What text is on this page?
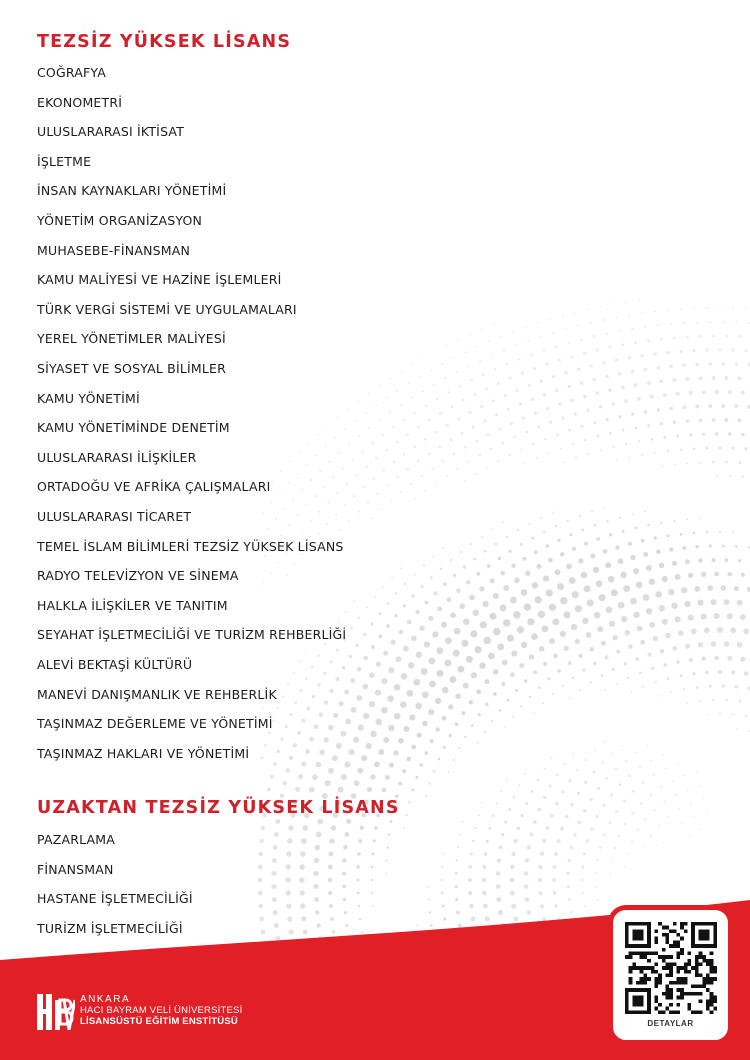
TEZSİZ YÜKSEK LİSANS
COĞRAFYA
EKONOMETRİ
ULUSLARARASI İKTİSAT
İŞLETME
İNSAN KAYNAKLARI YÖNETİMİ
YÖNETİM ORGANİZASYON
MUHASEBE-FİNANSMAN
KAMU MALİYESİ VE HAZİNE İŞLEMLERİ
TÜRK VERGİ SİSTEMİ VE UYGULAMALARI
YEREL YÖNETİMLER MALİYESİ
SİYASET VE SOSYAL BİLİMLER
KAMU YÖNETİMİ
KAMU YÖNETİMİNDE DENETİM
ULUSLARARASI İLİŞKİLER
ORTADOĞU VE AFRİKA ÇALIŞMALARI
ULUSLARARASI TİCARET
TEMEL İSLAM BİLİMLERİ TEZSİZ YÜKSEK LİSANS
RADYO TELEVİZYON VE SİNEMA
HALKLA İLİŞKİLER VE TANITIM
SEYAHAT İŞLETMECİLİĞİ VE TURİZM REHBERLİĞİ
ALEVİ BEKTAŞİ KÜLTÜRÜ
MANEVİ DANIŞMANLIK VE REHBERLİK
TAŞINMAZ DEĞERLEME VE YÖNETİMİ
TAŞINMAZ HAKLARI VE YÖNETİMİ
UZAKTAN TEZSİZ YÜKSEK LİSANS
PAZARLAMA
FİNANSMAN
HASTANE İŞLETMECİLİĞİ
TURİZM İŞLETMECİLİĞİ
ANKARA
HACI BAYRAM VELİ ÜNİVERSİTESİ
LİSANSÜSTÜ EĞİTİM ENSTİTÜSÜ	DETAYLAR
